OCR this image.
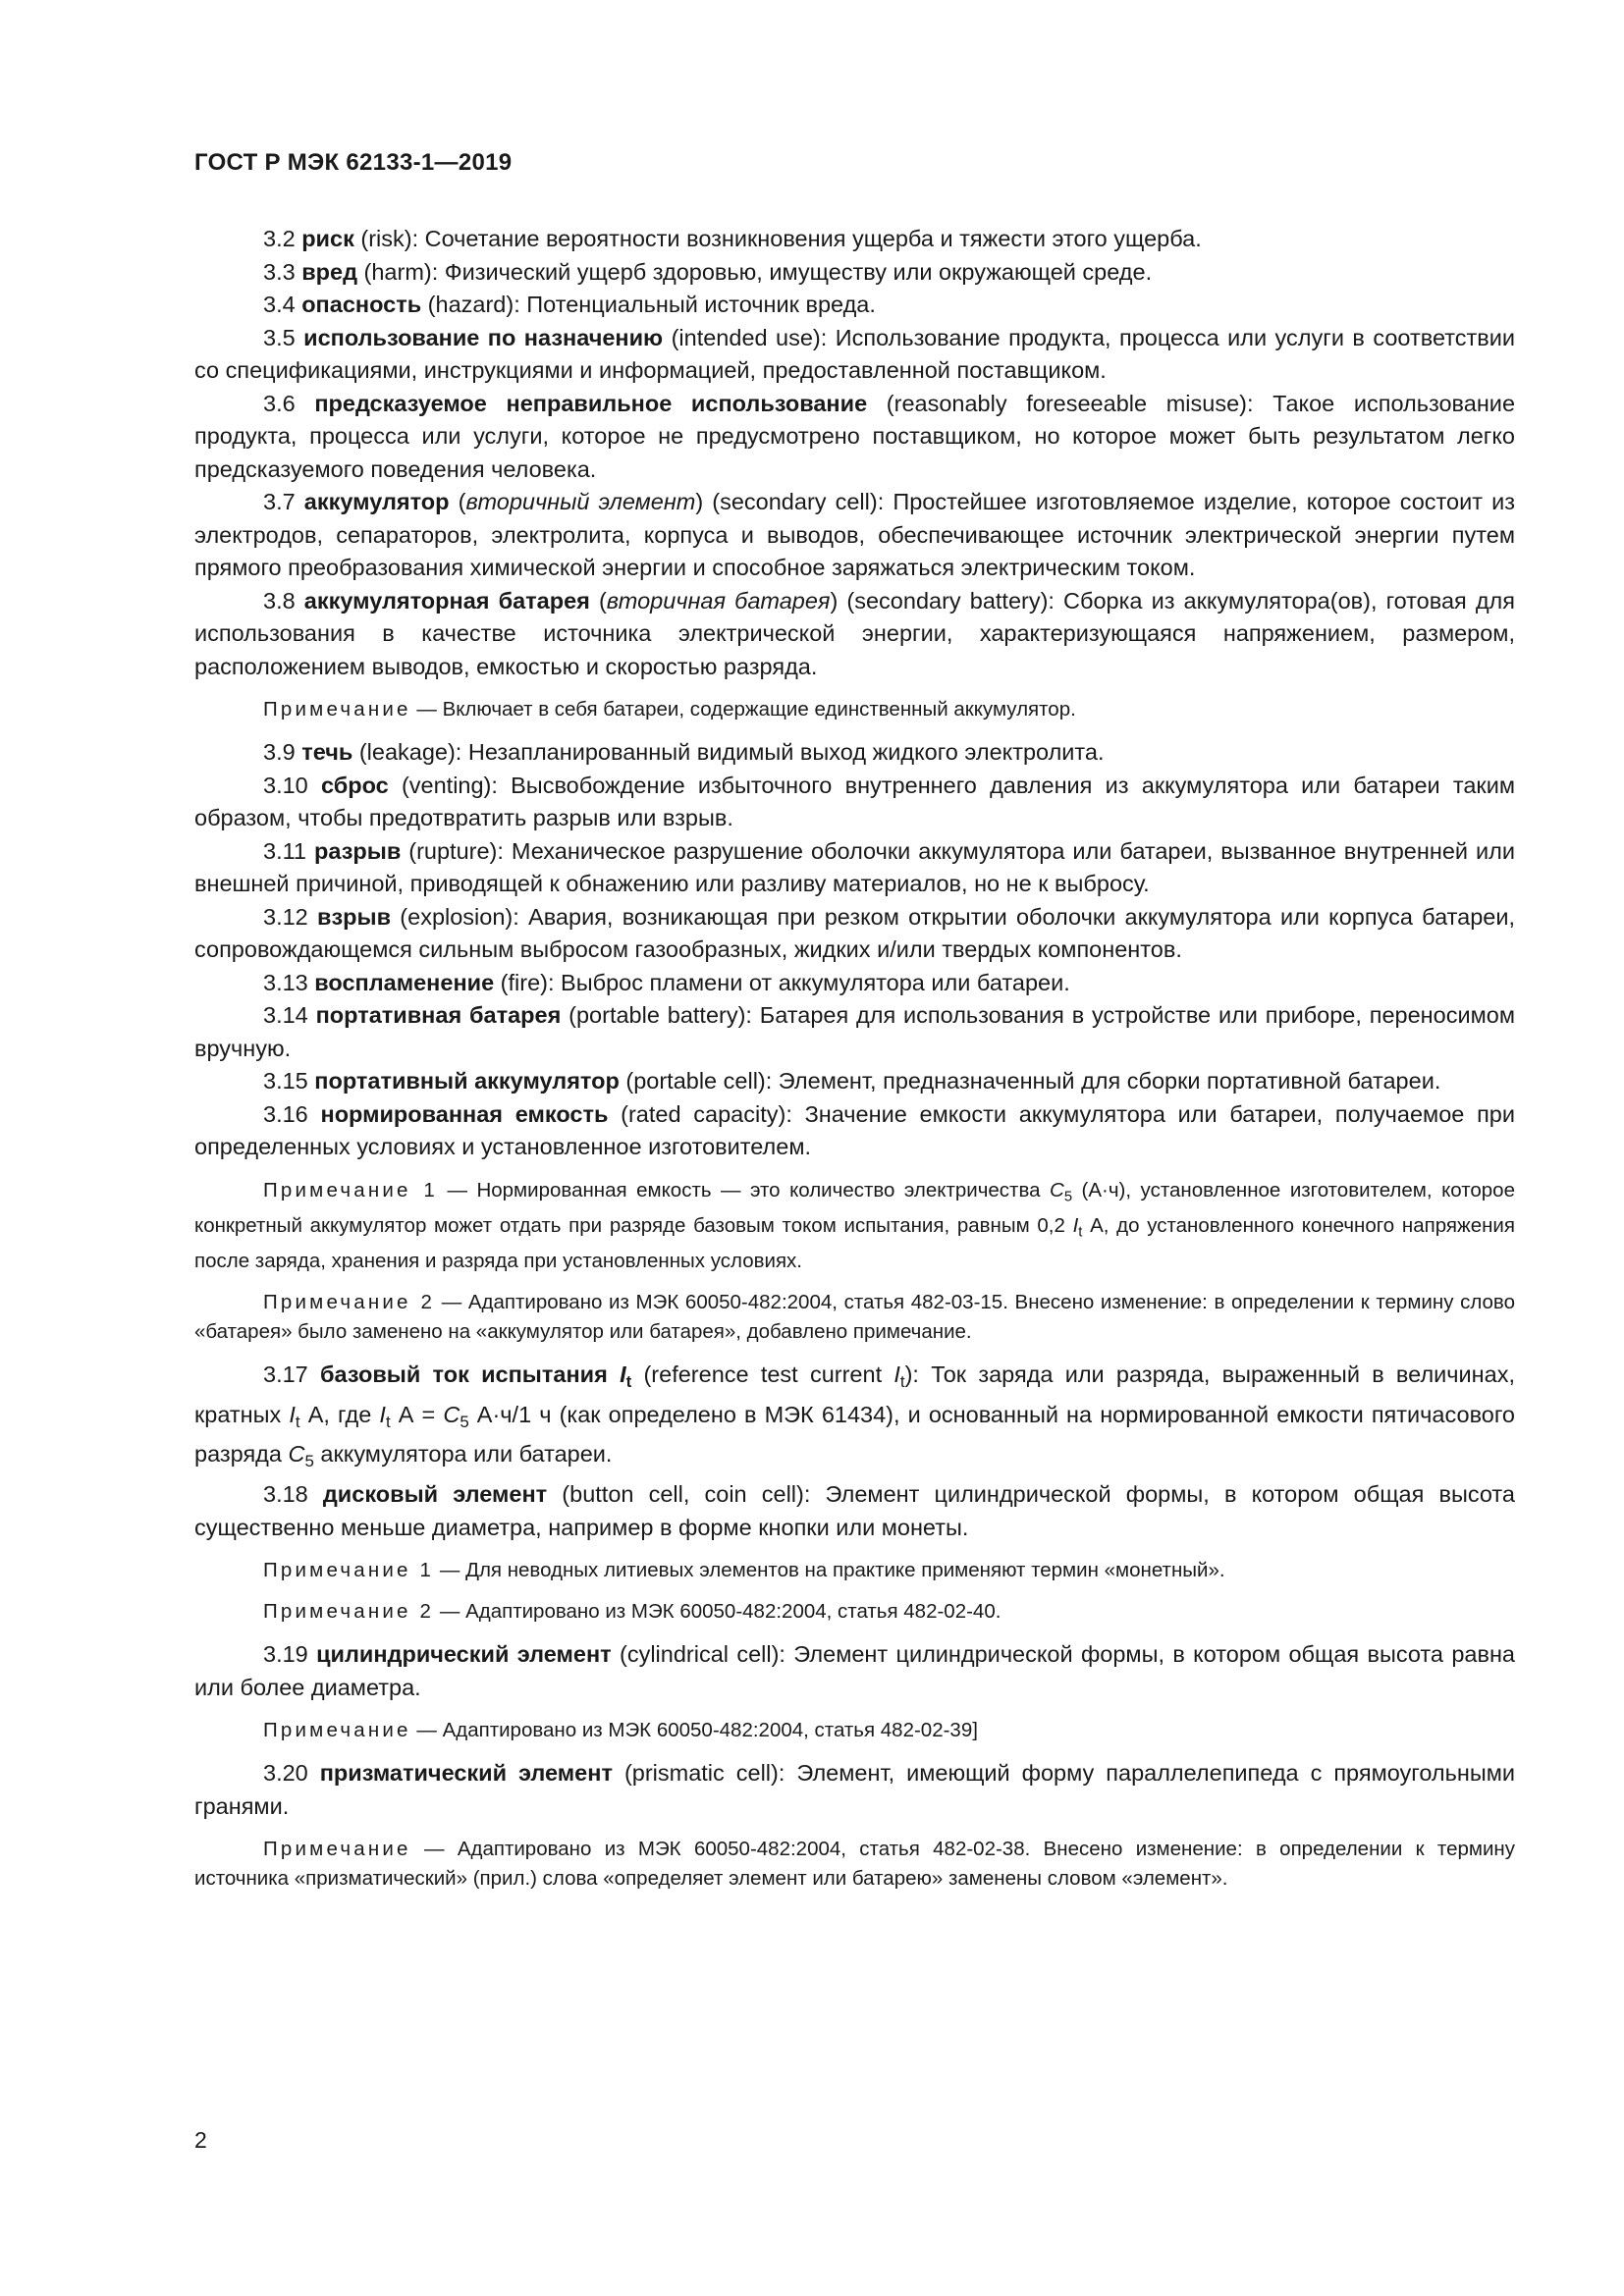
ГОСТ Р МЭК 62133-1—2019

3.2 риск (risk): Сочетание вероятности возникновения ущерба и тяжести этого ущерба.

3.3 вред (harm): Физический ущерб здоровью, имуществу или окружающей среде.

3.4 опасность (hazard): Потенциальный источник вреда.

3.5 использование по назначению (intended use): Использование продукта, процесса или услуги в соответствии со спецификациями, инструкциями и информацией, предоставленной поставщиком.

3.6 предсказуемое неправильное использование (reasonably foreseeable misuse): Такое использование продукта, процесса или услуги, которое не предусмотрено поставщиком, но которое может быть результатом легко предсказуемого поведения человека.

3.7 аккумулятор (вторичный элемент) (secondary cell): Простейшее изготовляемое изделие, которое состоит из электродов, сепараторов, электролита, корпуса и выводов, обеспечивающее источник электрической энергии путем прямого преобразования химической энергии и способное заряжаться электрическим током.

3.8 аккумуляторная батарея (вторичная батарея) (secondary battery): Сборка из аккумулятора(ов), готовая для использования в качестве источника электрической энергии, характеризующаяся напряжением, размером, расположением выводов, емкостью и скоростью разряда.

Примечание — Включает в себя батареи, содержащие единственный аккумулятор.

3.9 течь (leakage): Незапланированный видимый выход жидкого электролита.

3.10 сброс (venting): Высвобождение избыточного внутреннего давления из аккумулятора или батареи таким образом, чтобы предотвратить разрыв или взрыв.

3.11 разрыв (rupture): Механическое разрушение оболочки аккумулятора или батареи, вызванное внутренней или внешней причиной, приводящей к обнажению или разливу материалов, но не к выбросу.

3.12 взрыв (explosion): Авария, возникающая при резком открытии оболочки аккумулятора или корпуса батареи, сопровождающемся сильным выбросом газообразных, жидких и/или твердых компонентов.

3.13 воспламенение (fire): Выброс пламени от аккумулятора или батареи.

3.14 портативная батарея (portable battery): Батарея для использования в устройстве или приборе, переносимом вручную.

3.15 портативный аккумулятор (portable cell): Элемент, предназначенный для сборки портативной батареи.

3.16 нормированная емкость (rated capacity): Значение емкости аккумулятора или батареи, получаемое при определенных условиях и установленное изготовителем.

Примечание 1 — Нормированная емкость — это количество электричества $C_5$ (А·ч), установленное изготовителем, которое конкретный аккумулятор может отдать при разряде базовым током испытания, равным 0,2 $I_t$ А, до установленного конечного напряжения после заряда, хранения и разряда при установленных условиях.

Примечание 2 — Адаптировано из МЭК 60050-482:2004, статья 482-03-15. Внесено изменение: в определении к термину слово «батарея» было заменено на «аккумулятор или батарея», добавлено примечание.

3.17 базовый ток испытания $I_t$ (reference test current $I_t$): Ток заряда или разряда, выраженный в величинах, кратных $I_t$ А, где $I_t$ $А = C_5$ А·ч/1 ч (как определено в МЭК 61434), и основанный на нормированной емкости пятичасового разряда $C_5$ аккумулятора или батареи.

3.18 дисковый элемент (button cell, coin cell): Элемент цилиндрической формы, в котором общая высота существенно меньше диаметра, например в форме кнопки или монеты.

Примечание 1 — Для неводных литиевых элементов на практике применяют термин «монетный».

Примечание 2 — Адаптировано из МЭК 60050-482:2004, статья 482-02-40.

3.19 цилиндрический элемент (cylindrical cell): Элемент цилиндрической формы, в котором общая высота равна или более диаметра.

Примечание — Адаптировано из МЭК 60050-482:2004, статья 482-02-39]

3.20 призматический элемент (prismatic cell): Элемент, имеющий форму параллелепипеда с прямоугольными гранями.

Примечание — Адаптировано из МЭК 60050-482:2004, статья 482-02-38. Внесено изменение: в определении к термину источника «призматический» (прил.) слова «определяет элемент или батарею» заменены словом «элемент».

2
